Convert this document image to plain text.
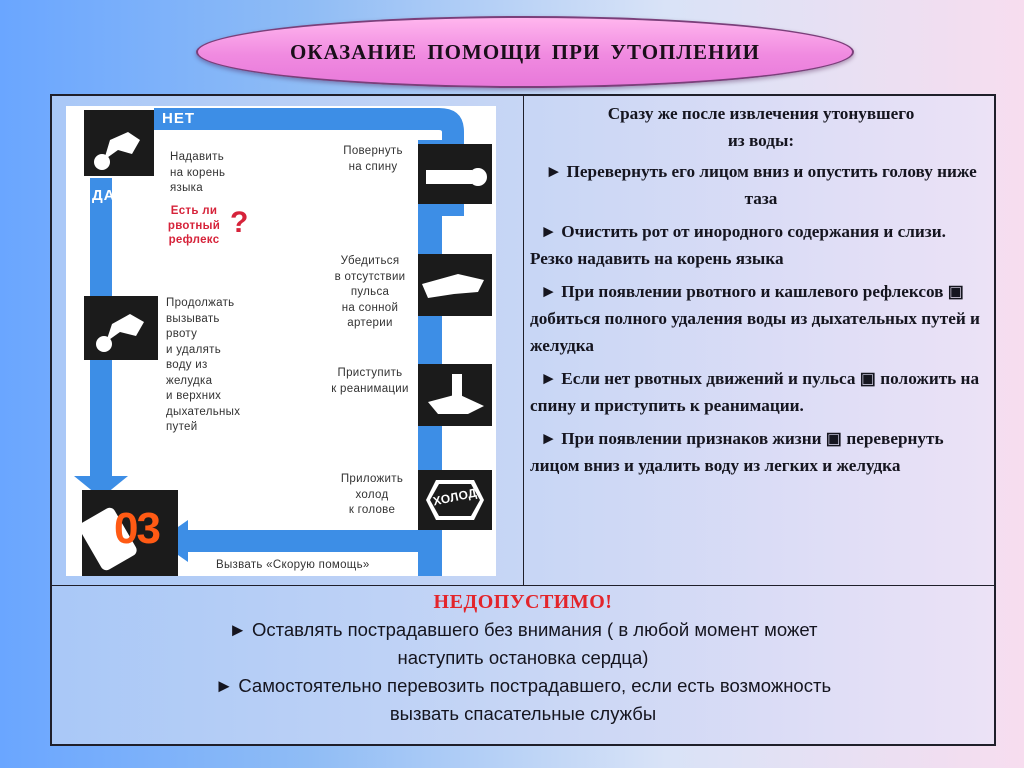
ОКАЗАНИЕ ПОМОЩИ ПРИ УТОПЛЕНИИ
ХОЛОД
03
НЕТ
ДА
Надавить
на корень
языка
Есть ли
рвотный
рефлекс
?
Продолжать
вызывать
рвоту
и удалять
воду из
желудка
и верхних
дыхательных
путей
Повернуть
на спину
Убедиться
в отсутствии
пульса
на сонной
артерии
Приступить
к реанимации
Приложить
холод
к голове
Вызвать «Скорую помощь»
Сразу же после извлечения утонувшего
из воды:
► Перевернуть его лицом вниз и опустить голову ниже таза
► Очистить рот от инородного содержания и слизи. Резко надавить на корень языка
► При появлении рвотного и кашлевого рефлексов ▣ добиться полного удаления воды из дыхательных путей и желудка
► Если нет рвотных движений и пульса ▣ положить на спину и приступить к реанимации.
► При появлении признаков жизни ▣ перевернуть лицом вниз и удалить воду из легких и желудка
НЕДОПУСТИМО!
► Оставлять пострадавшего без внимания ( в любой момент может
наступить остановка сердца)
► Самостоятельно перевозить пострадавшего, если есть возможность
вызвать спасательные службы
